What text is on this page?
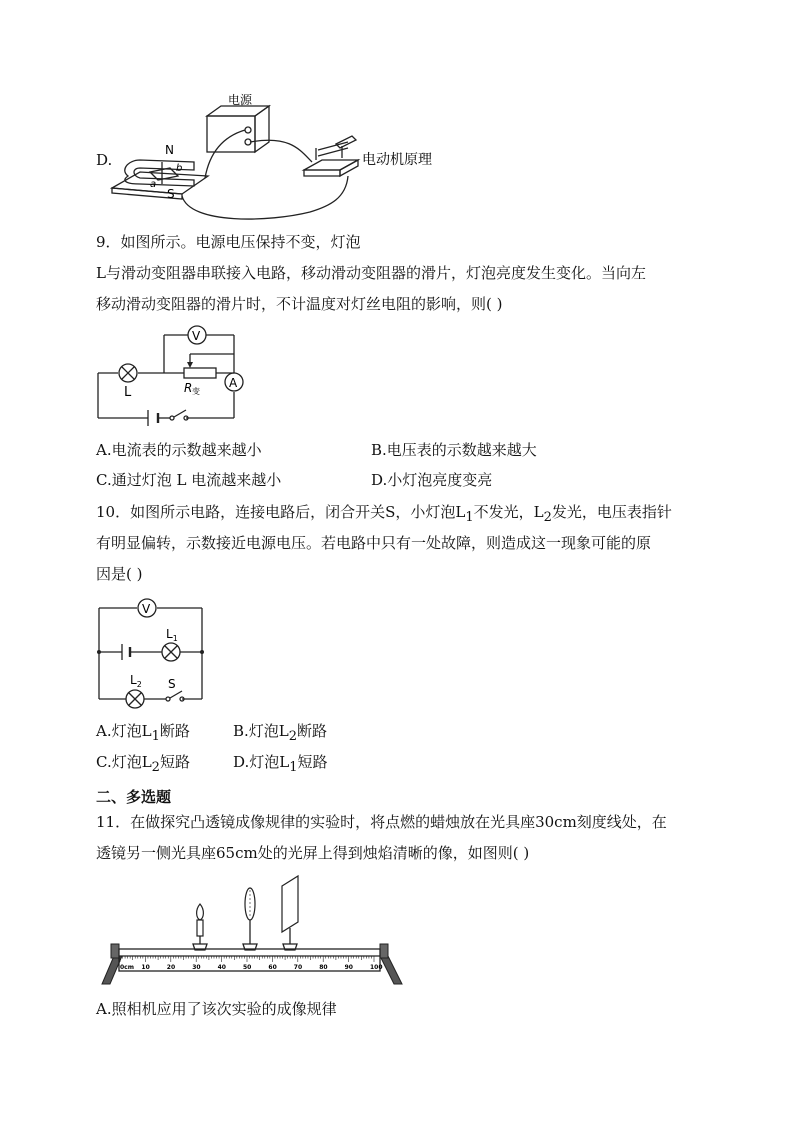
D.
电源
N
S
b
a
电动机原理
9．如图所示。电源电压保持不变，灯泡
L与滑动变阻器串联接入电路，移动滑动变阻器的滑片，灯泡亮度发生变化。当向左
移动滑动变阻器的滑片时，不计温度对灯丝电阻的影响，则( )
L	R 变
V
A
A.电流表的示数越来越小	B.电压表的示数越来越大
C.通过灯泡 L 电流越来越小	D.小灯泡亮度变亮
10．如图所示电路，连接电路后，闭合开关S，小灯泡$L_1$不发光，$L_2$发光，电压表指针
有明显偏转，示数接近电源电压。若电路中只有一处故障，则造成这一现象可能的原
因是( )
V
$L_1$
$L_2$ S
A.灯泡$L_1$断路	B.灯泡$L_2$断路
C.灯泡$L_2$短路	D.灯泡$L_1$短路
二、多选题
11．在做探究凸透镜成像规律的实验时，将点燃的蜡烛放在光具座30cm刻度线处，在
透镜另一侧光具座65cm处的光屏上得到烛焰清晰的像，如图则( )
0cm 10	20	30	40	50	60	70	80	90	100
A.照相机应用了该次实验的成像规律
